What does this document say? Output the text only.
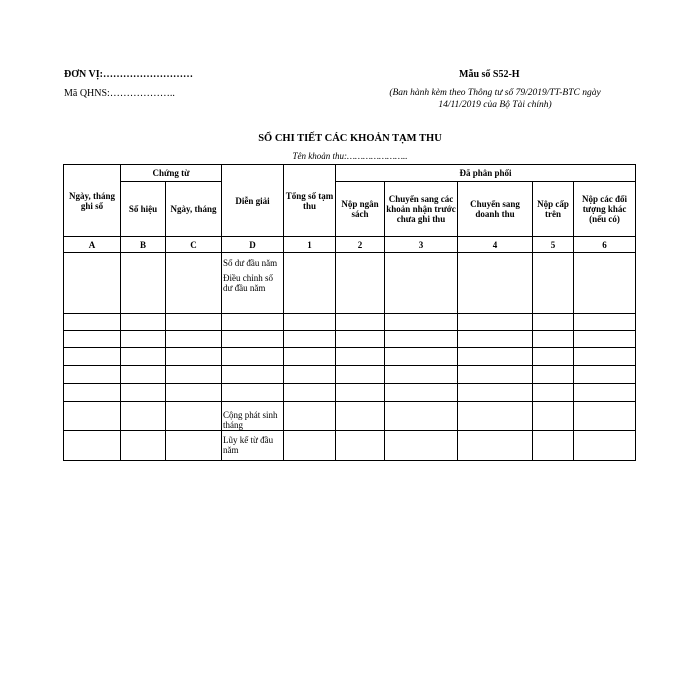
ĐƠN VỊ:………………………
Mã QHNS:………………..
Mẫu số S52-H
(Ban hành kèm theo Thông tư số 79/2019/TT-BTC ngày
14/11/2019 của Bộ Tài chính)
SỔ CHI TIẾT CÁC KHOẢN TẠM THU
Tên khoản thu:…………………..
Ngày, tháng ghi sổ	Chứng từ		Diễn giải	Tổng số tạm thu	Đã phân phối				
	Số hiệu	Ngày, tháng			Nộp ngân sách	Chuyển sang các khoản nhận trước chưa ghi thu	Chuyển sang doanh thu	Nộp cấp trên	Nộp các đối tượng khác (nếu có)
A	B	C	D	1	2	3	4	5	6

			Số dư đầu năm
Điều chỉnh số dư đầu năm						

			Cộng phát sinh tháng						
			Lũy kế từ đầu năm						
